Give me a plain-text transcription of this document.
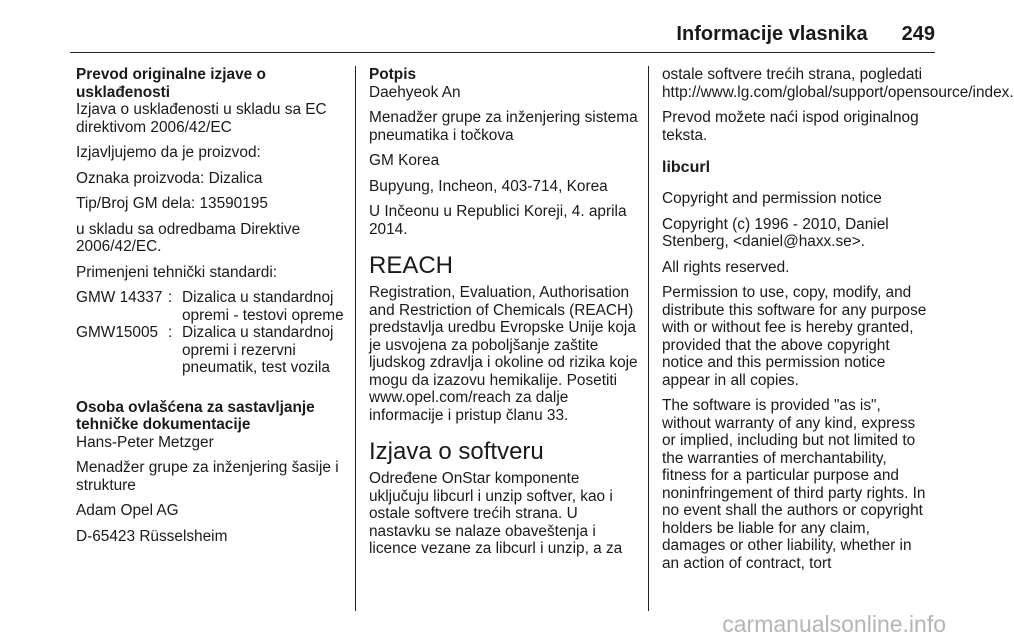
Informacije vlasnika 249

Prevod originalne izjave o usklađenosti

Izjava o usklađenosti u skladu sa EC direktivom 2006/42/EC

Izjavljujemo da je proizvod:

Oznaka proizvoda: Dizalica

Tip/Broj GM dela: 13590195

u skladu sa odredbama Direktive 2006/42/EC.

Primenjeni tehnički standardi:

GMW 14337 : Dizalica u standardnoj opremi - testovi opreme
GMW15005 : Dizalica u standardnoj opremi i rezervni pneumatik, test vozila

Osoba ovlašćena za sastavljanje tehničke dokumentacije

Hans-Peter Metzger

Menadžer grupe za inženjering šasije i strukture

Adam Opel AG

D-65423 Rüsselsheim

Potpis

Daehyeok An

Menadžer grupe za inženjering sistema pneumatika i točkova

GM Korea

Bupyung, Incheon, 403-714, Korea

U Inčeonu u Republici Koreji, 4. aprila 2014.

REACH

Registration, Evaluation, Authorisation and Restriction of Chemicals (REACH) predstavlja uredbu Evropske Unije koja je usvojena za poboljšanje zaštite ljudskog zdravlja i okoline od rizika koje mogu da izazovu hemikalije. Posetiti www.opel.com/reach za dalje informacije i pristup članu 33.

Izjava o softveru

Određene OnStar komponente uključuju libcurl i unzip softver, kao i ostale softvere trećih strana. U nastavku se nalaze obaveštenja i licence vezane za libcurl i unzip, a za

ostale softvere trećih strana, pogledati http://www.lg.com/global/support/opensource/index.

Prevod možete naći ispod originalnog teksta.

libcurl

Copyright and permission notice

Copyright (c) 1996 - 2010, Daniel Stenberg, <daniel@haxx.se>.

All rights reserved.

Permission to use, copy, modify, and distribute this software for any purpose with or without fee is hereby granted, provided that the above copyright notice and this permission notice appear in all copies.

The software is provided "as is", without warranty of any kind, express or implied, including but not limited to the warranties of merchantability, fitness for a particular purpose and noninfringement of third party rights. In no event shall the authors or copyright holders be liable for any claim, damages or other liability, whether in an action of contract, tort

carmanualsonline.info
